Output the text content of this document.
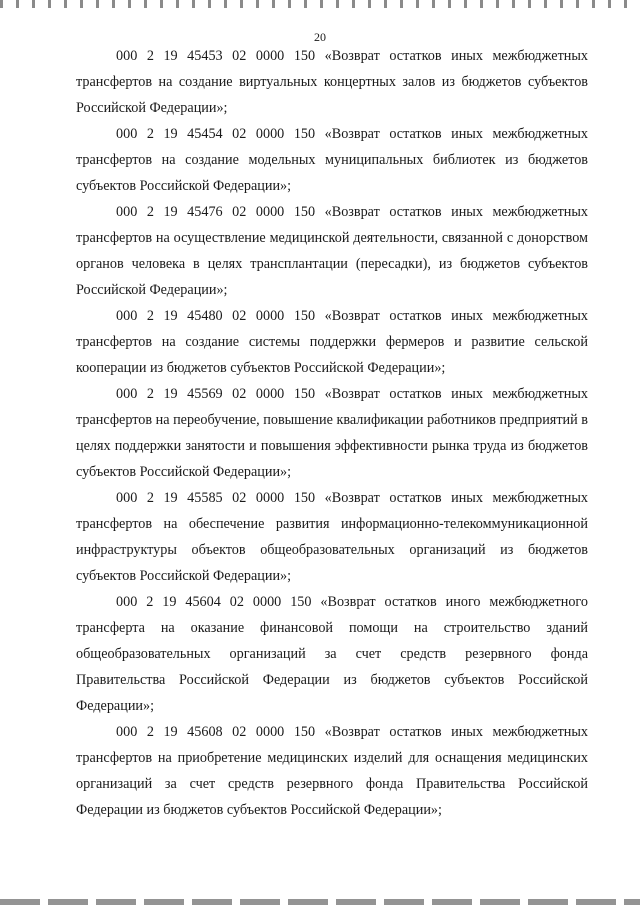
20

000 2 19 45453 02 0000 150 «Возврат остатков иных межбюджетных трансфертов на создание виртуальных концертных залов из бюджетов субъектов Российской Федерации»;

000 2 19 45454 02 0000 150 «Возврат остатков иных межбюджетных трансфертов на создание модельных муниципальных библиотек из бюджетов субъектов Российской Федерации»;

000 2 19 45476 02 0000 150 «Возврат остатков иных межбюджетных трансфертов на осуществление медицинской деятельности, связанной с донорством органов человека в целях трансплантации (пересадки), из бюджетов субъектов Российской Федерации»;

000 2 19 45480 02 0000 150 «Возврат остатков иных межбюджетных трансфертов на создание системы поддержки фермеров и развитие сельской кооперации из бюджетов субъектов Российской Федерации»;

000 2 19 45569 02 0000 150 «Возврат остатков иных межбюджетных трансфертов на переобучение, повышение квалификации работников предприятий в целях поддержки занятости и повышения эффективности рынка труда из бюджетов субъектов Российской Федерации»;

000 2 19 45585 02 0000 150 «Возврат остатков иных межбюджетных трансфертов на обеспечение развития информационно-телекоммуникационной инфраструктуры объектов общеобразовательных организаций из бюджетов субъектов Российской Федерации»;

000 2 19 45604 02 0000 150 «Возврат остатков иного межбюджетного трансферта на оказание финансовой помощи на строительство зданий общеобразовательных организаций за счет средств резервного фонда Правительства Российской Федерации из бюджетов субъектов Российской Федерации»;

000 2 19 45608 02 0000 150 «Возврат остатков иных межбюджетных трансфертов на приобретение медицинских изделий для оснащения медицинских организаций за счет средств резервного фонда Правительства Российской Федерации из бюджетов субъектов Российской Федерации»;
